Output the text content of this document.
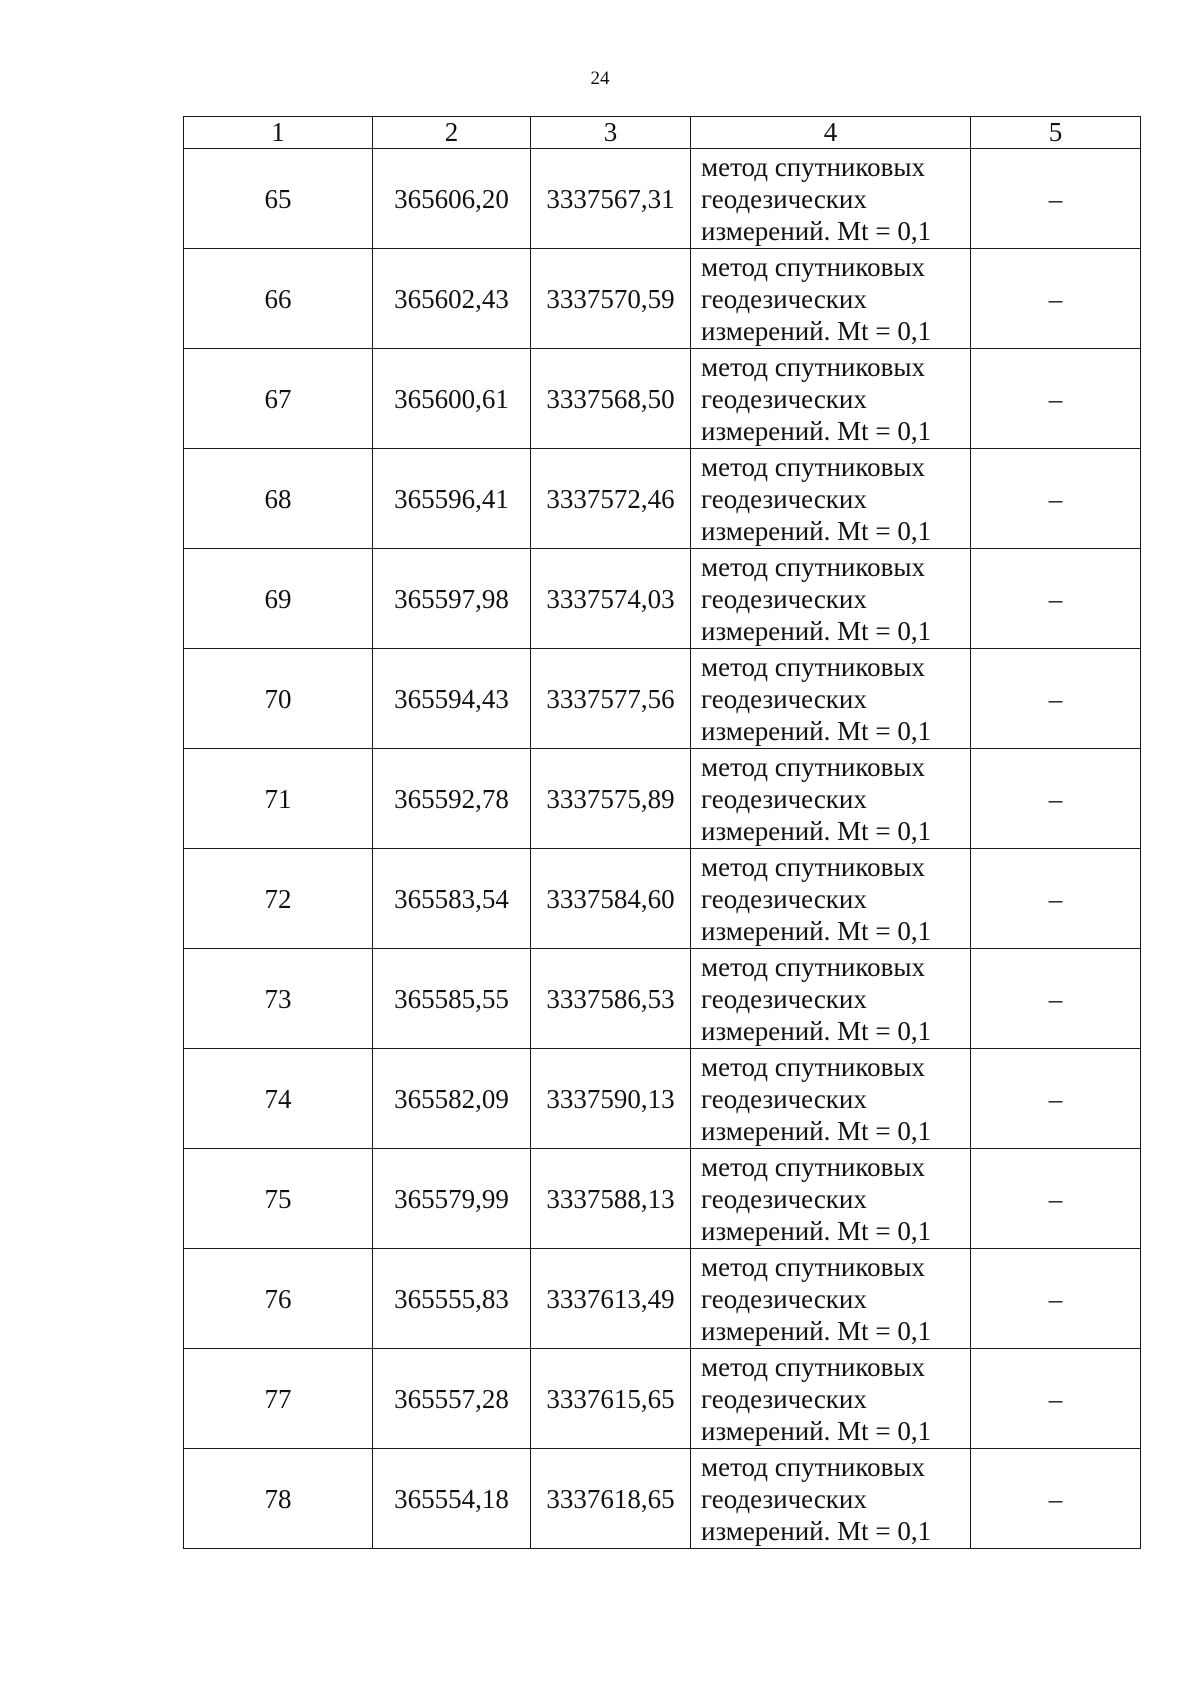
24
1	2	3	4	5
65	365606,20	3337567,31	метод спутниковых
геодезических
измерений. Mt = 0,1	–
66	365602,43	3337570,59	метод спутниковых
геодезических
измерений. Mt = 0,1	–
67	365600,61	3337568,50	метод спутниковых
геодезических
измерений. Mt = 0,1	–
68	365596,41	3337572,46	метод спутниковых
геодезических
измерений. Mt = 0,1	–
69	365597,98	3337574,03	метод спутниковых
геодезических
измерений. Mt = 0,1	–
70	365594,43	3337577,56	метод спутниковых
геодезических
измерений. Mt = 0,1	–
71	365592,78	3337575,89	метод спутниковых
геодезических
измерений. Mt = 0,1	–
72	365583,54	3337584,60	метод спутниковых
геодезических
измерений. Mt = 0,1	–
73	365585,55	3337586,53	метод спутниковых
геодезических
измерений. Mt = 0,1	–
74	365582,09	3337590,13	метод спутниковых
геодезических
измерений. Mt = 0,1	–
75	365579,99	3337588,13	метод спутниковых
геодезических
измерений. Mt = 0,1	–
76	365555,83	3337613,49	метод спутниковых
геодезических
измерений. Mt = 0,1	–
77	365557,28	3337615,65	метод спутниковых
геодезических
измерений. Mt = 0,1	–
78	365554,18	3337618,65	метод спутниковых
геодезических
измерений. Mt = 0,1	–
